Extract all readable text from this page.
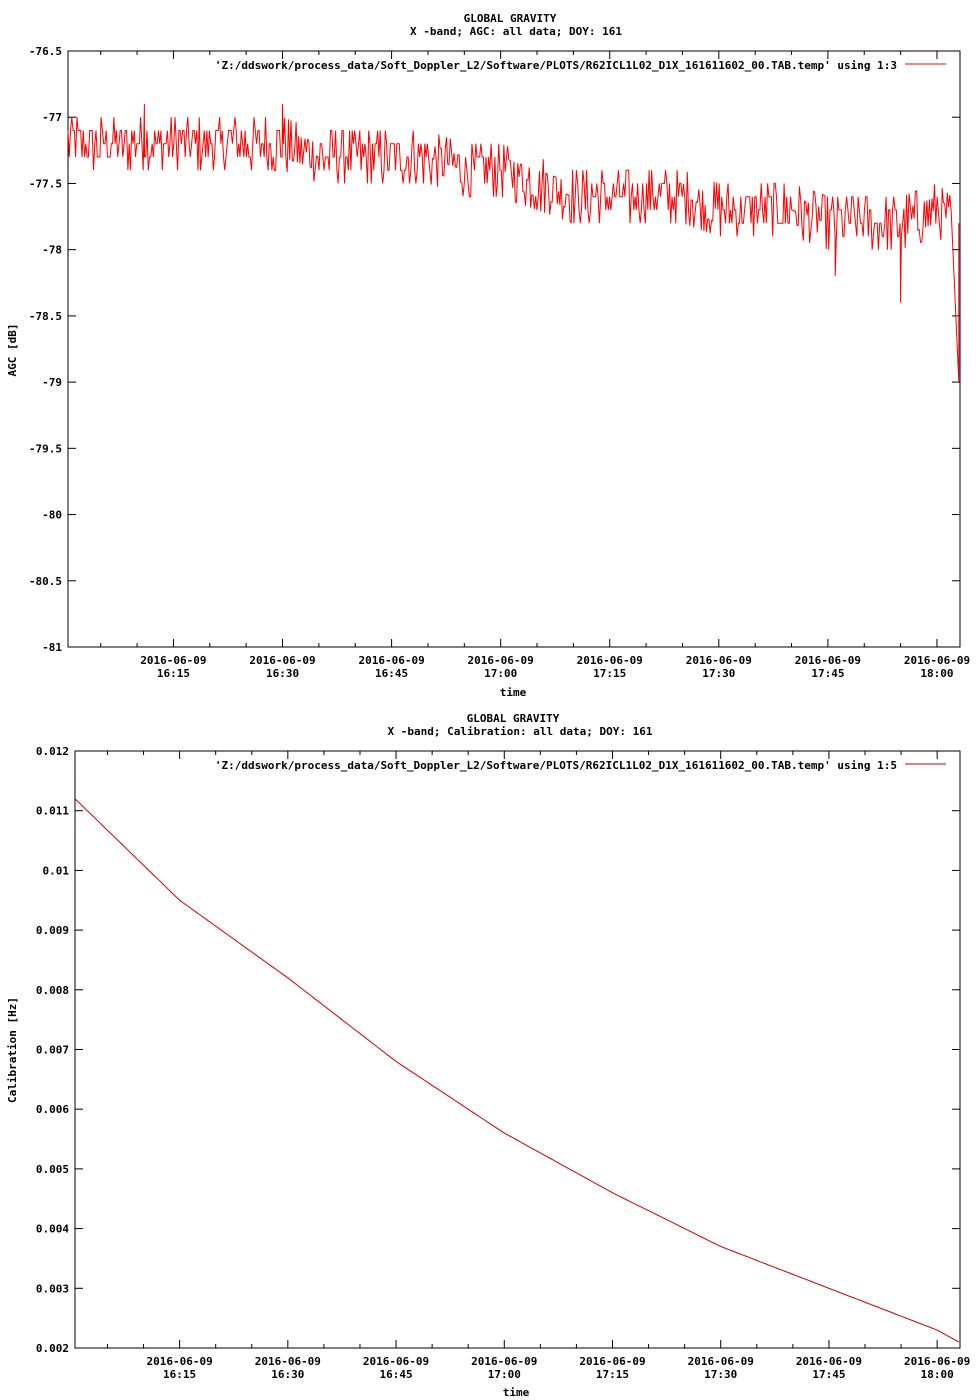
GLOBAL GRAVITY
X -band; AGC: all data; DOY: 161
-76.5
-77
-77.5
-78
-78.5
-79
-79.5
-80
-80.5
-81
2016-06-09
16:15
2016-06-09
16:30
2016-06-09
16:45
2016-06-09
17:00
2016-06-09
17:15
2016-06-09
17:30
2016-06-09
17:45
2016-06-09
18:00
AGC [dB]
time
'Z:/ddswork/process_data/Soft_Doppler_L2/Software/PLOTS/R62ICL1L02_D1X_161611602_00.TAB.temp' using 1:3
GLOBAL GRAVITY
X -band; Calibration: all data; DOY: 161
0.012
0.011
0.01
0.009
0.008
0.007
0.006
0.005
0.004
0.003
0.002
2016-06-09
16:15
2016-06-09
16:30
2016-06-09
16:45
2016-06-09
17:00
2016-06-09
17:15
2016-06-09
17:30
2016-06-09
17:45
2016-06-09
18:00
Calibration [Hz]
time
'Z:/ddswork/process_data/Soft_Doppler_L2/Software/PLOTS/R62ICL1L02_D1X_161611602_00.TAB.temp' using 1:5
